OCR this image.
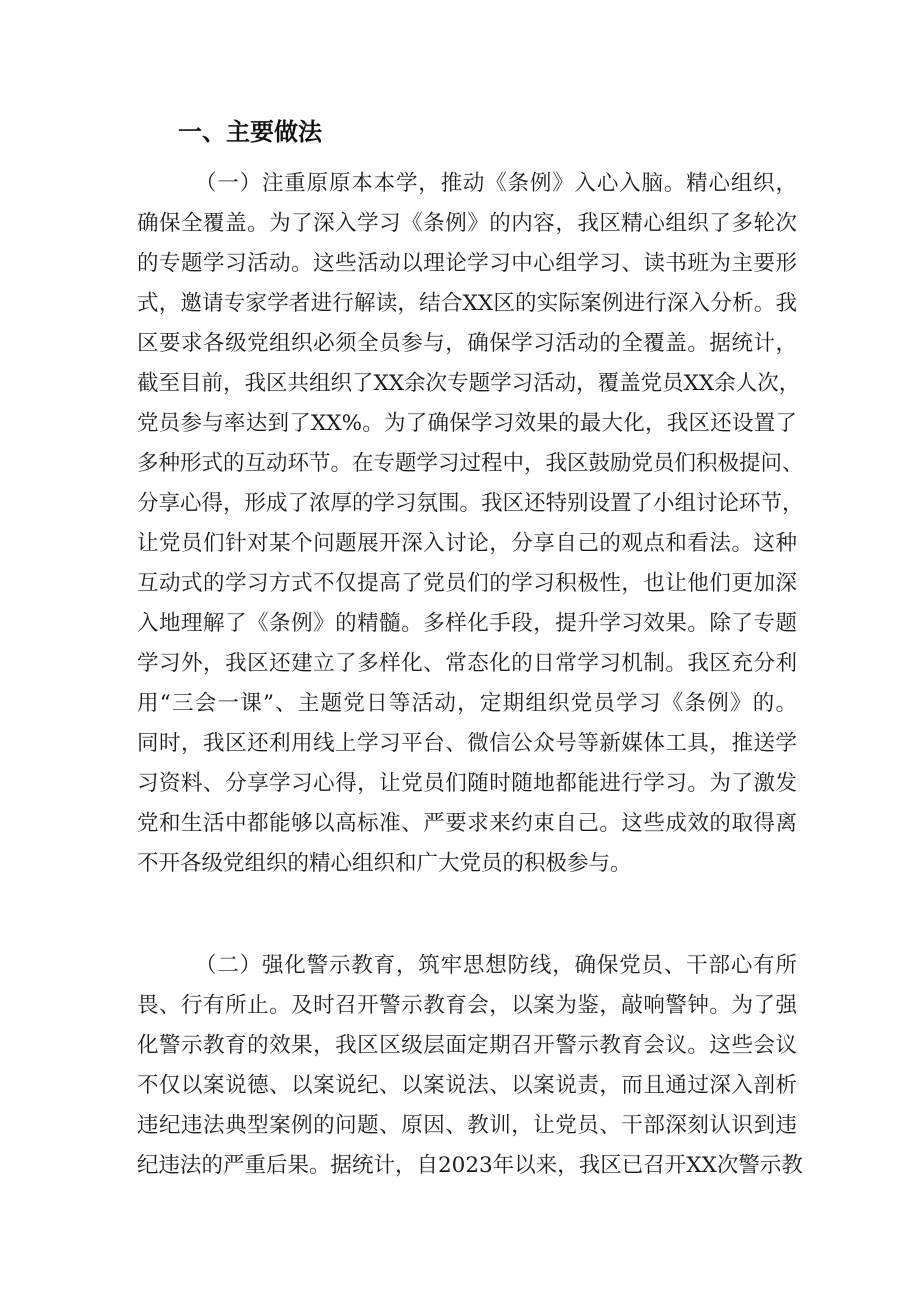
一、主要做法
（一）注重原原本本学，推动《条例》入心入脑。精心组织，
确保全覆盖。为了深入学习《条例》的内容，我区精心组织了多轮次
的专题学习活动。这些活动以理论学习中心组学习、读书班为主要形
式，邀请专家学者进行解读，结合XX区的实际案例进行深入分析。我
区要求各级党组织必须全员参与，确保学习活动的全覆盖。据统计，
截至目前，我区共组织了XX余次专题学习活动，覆盖党员XX余人次，
党员参与率达到了XX%。为了确保学习效果的最大化，我区还设置了
多种形式的互动环节。在专题学习过程中，我区鼓励党员们积极提问、
分享心得，形成了浓厚的学习氛围。我区还特别设置了小组讨论环节，
让党员们针对某个问题展开深入讨论，分享自己的观点和看法。这种
互动式的学习方式不仅提高了党员们的学习积极性，也让他们更加深
入地理解了《条例》的精髓。多样化手段，提升学习效果。除了专题
学习外，我区还建立了多样化、常态化的日常学习机制。我区充分利
用“三会一课”、主题党日等活动，定期组织党员学习《条例》的。
同时，我区还利用线上学习平台、微信公众号等新媒体工具，推送学
习资料、分享学习心得，让党员们随时随地都能进行学习。为了激发
党和生活中都能够以高标准、严要求来约束自己。这些成效的取得离
不开各级党组织的精心组织和广大党员的积极参与。
（二）强化警示教育，筑牢思想防线，确保党员、干部心有所
畏、行有所止。及时召开警示教育会，以案为鉴，敲响警钟。为了强
化警示教育的效果，我区区级层面定期召开警示教育会议。这些会议
不仅以案说德、以案说纪、以案说法、以案说责，而且通过深入剖析
违纪违法典型案例的问题、原因、教训，让党员、干部深刻认识到违
纪违法的严重后果。据统计，自2023年以来，我区已召开XX次警示教
